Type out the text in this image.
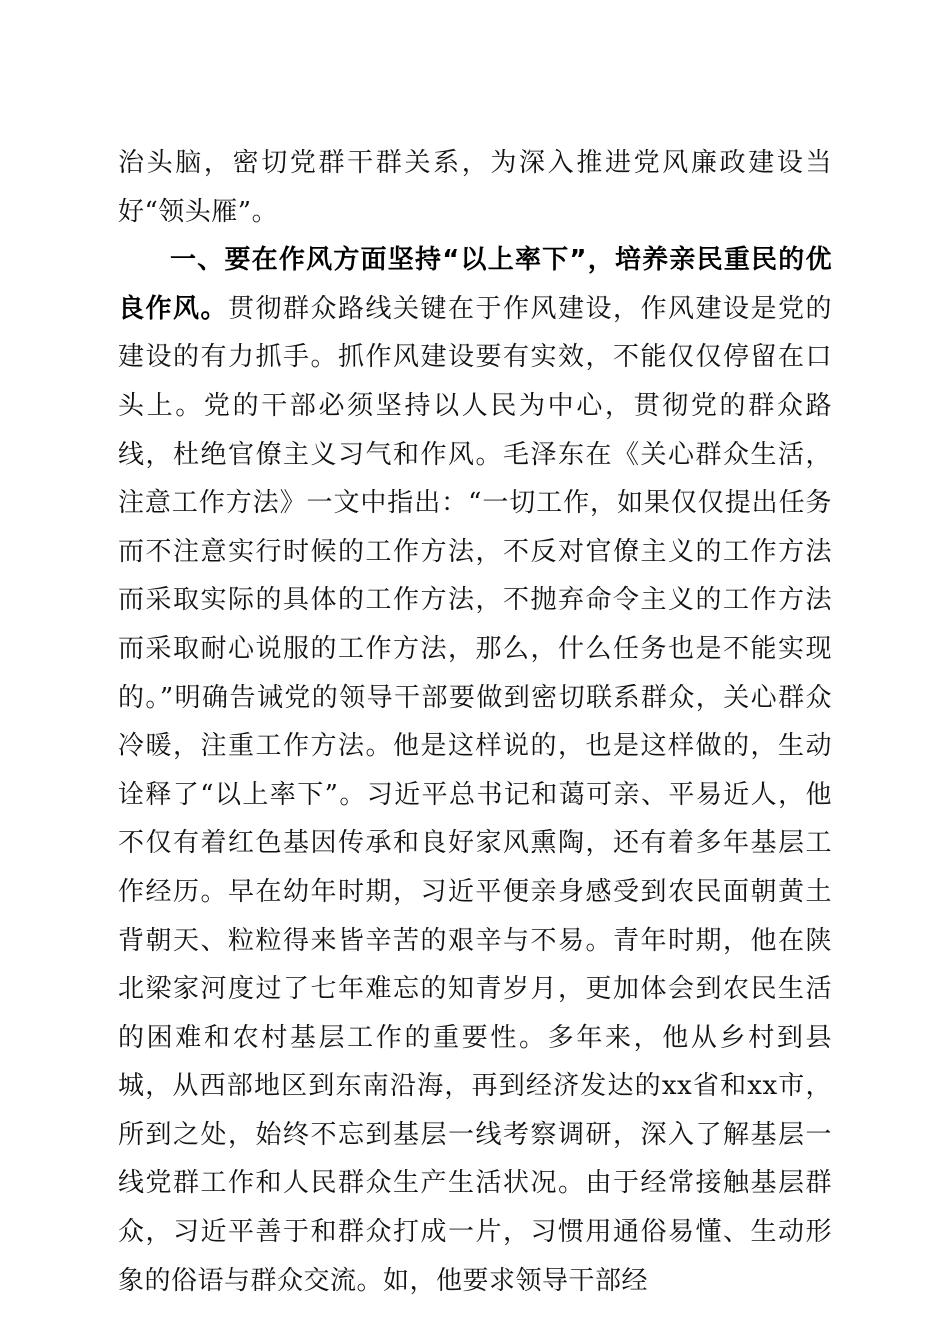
治头脑，密切党群干群关系，为深入推进党风廉政建设当好“领头雁”。

一、要在作风方面坚持“以上率下”，培养亲民重民的优良作风。贯彻群众路线关键在于作风建设，作风建设是党的建设的有力抓手。抓作风建设要有实效，不能仅仅停留在口头上。党的干部必须坚持以人民为中心，贯彻党的群众路线，杜绝官僚主义习气和作风。毛泽东在《关心群众生活，注意工作方法》一文中指出：“一切工作，如果仅仅提出任务而不注意实行时候的工作方法，不反对官僚主义的工作方法而采取实际的具体的工作方法，不抛弃命令主义的工作方法而采取耐心说服的工作方法，那么，什么任务也是不能实现的。”明确告诫党的领导干部要做到密切联系群众，关心群众冷暖，注重工作方法。他是这样说的，也是这样做的，生动诠释了“以上率下”。习近平总书记和蔼可亲、平易近人，他不仅有着红色基因传承和良好家风熏陶，还有着多年基层工作经历。早在幼年时期，习近平便亲身感受到农民面朝黄土背朝天、粒粒得来皆辛苦的艰辛与不易。青年时期，他在陕北梁家河度过了七年难忘的知青岁月，更加体会到农民生活的困难和农村基层工作的重要性。多年来，他从乡村到县城，从西部地区到东南沿海，再到经济发达的xx省和xx市，所到之处，始终不忘到基层一线考察调研，深入了解基层一线党群工作和人民群众生产生活状况。由于经常接触基层群众，习近平善于和群众打成一片，习惯用通俗易懂、生动形象的俗语与群众交流。如，他要求领导干部经
